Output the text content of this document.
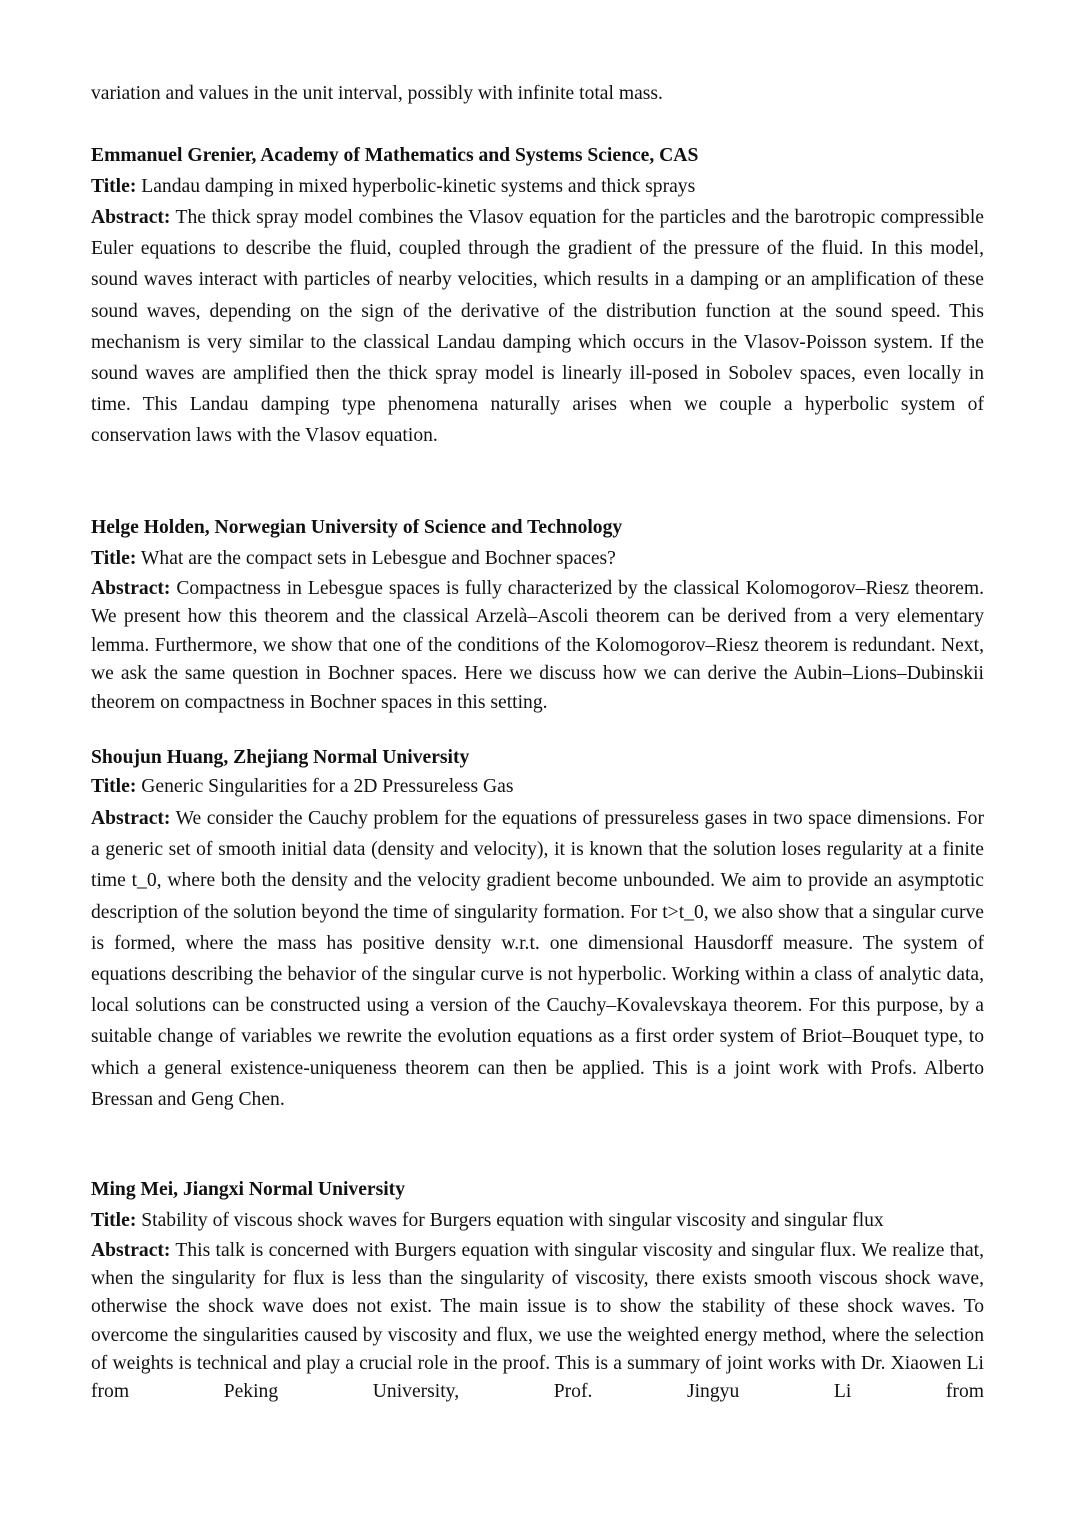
variation and values in the unit interval, possibly with infinite total mass.

Emmanuel Grenier, Academy of Mathematics and Systems Science, CAS
Title: Landau damping in mixed hyperbolic-kinetic systems and thick sprays

Abstract: The thick spray model combines the Vlasov equation for the particles and the barotropic compressible Euler equations to describe the fluid, coupled through the gradient of the pressure of the fluid. In this model, sound waves interact with particles of nearby velocities, which results in a damping or an amplification of these sound waves, depending on the sign of the derivative of the distribution function at the sound speed. This mechanism is very similar to the classical Landau damping which occurs in the Vlasov-Poisson system. If the sound waves are amplified then the thick spray model is linearly ill-posed in Sobolev spaces, even locally in time. This Landau damping type phenomena naturally arises when we couple a hyperbolic system of conservation laws with the Vlasov equation.

Helge Holden, Norwegian University of Science and Technology
Title: What are the compact sets in Lebesgue and Bochner spaces?

Abstract: Compactness in Lebesgue spaces is fully characterized by the classical Kolomogorov–Riesz theorem. We present how this theorem and the classical Arzelà–Ascoli theorem can be derived from a very elementary lemma. Furthermore, we show that one of the conditions of the Kolomogorov–Riesz theorem is redundant. Next, we ask the same question in Bochner spaces. Here we discuss how we can derive the Aubin–Lions–Dubinskii theorem on compactness in Bochner spaces in this setting.

Shoujun Huang, Zhejiang Normal University
Title: Generic Singularities for a 2D Pressureless Gas

Abstract: We consider the Cauchy problem for the equations of pressureless gases in two space dimensions. For a generic set of smooth initial data (density and velocity), it is known that the solution loses regularity at a finite time t_0, where both the density and the velocity gradient become unbounded. We aim to provide an asymptotic description of the solution beyond the time of singularity formation. For t>t_0, we also show that a singular curve is formed, where the mass has positive density w.r.t. one dimensional Hausdorff measure. The system of equations describing the behavior of the singular curve is not hyperbolic. Working within a class of analytic data, local solutions can be constructed using a version of the Cauchy–Kovalevskaya theorem. For this purpose, by a suitable change of variables we rewrite the evolution equations as a first order system of Briot–Bouquet type, to which a general existence-uniqueness theorem can then be applied. This is a joint work with Profs. Alberto Bressan and Geng Chen.

Ming Mei, Jiangxi Normal University
Title: Stability of viscous shock waves for Burgers equation with singular viscosity and singular flux

Abstract: This talk is concerned with Burgers equation with singular viscosity and singular flux. We realize that, when the singularity for flux is less than the singularity of viscosity, there exists smooth viscous shock wave, otherwise the shock wave does not exist. The main issue is to show the stability of these shock waves. To overcome the singularities caused by viscosity and flux, we use the weighted energy method, where the selection of weights is technical and play a crucial role in the proof. This is a summary of joint works with Dr. Xiaowen Li from Peking University, Prof. Jingyu Li from
